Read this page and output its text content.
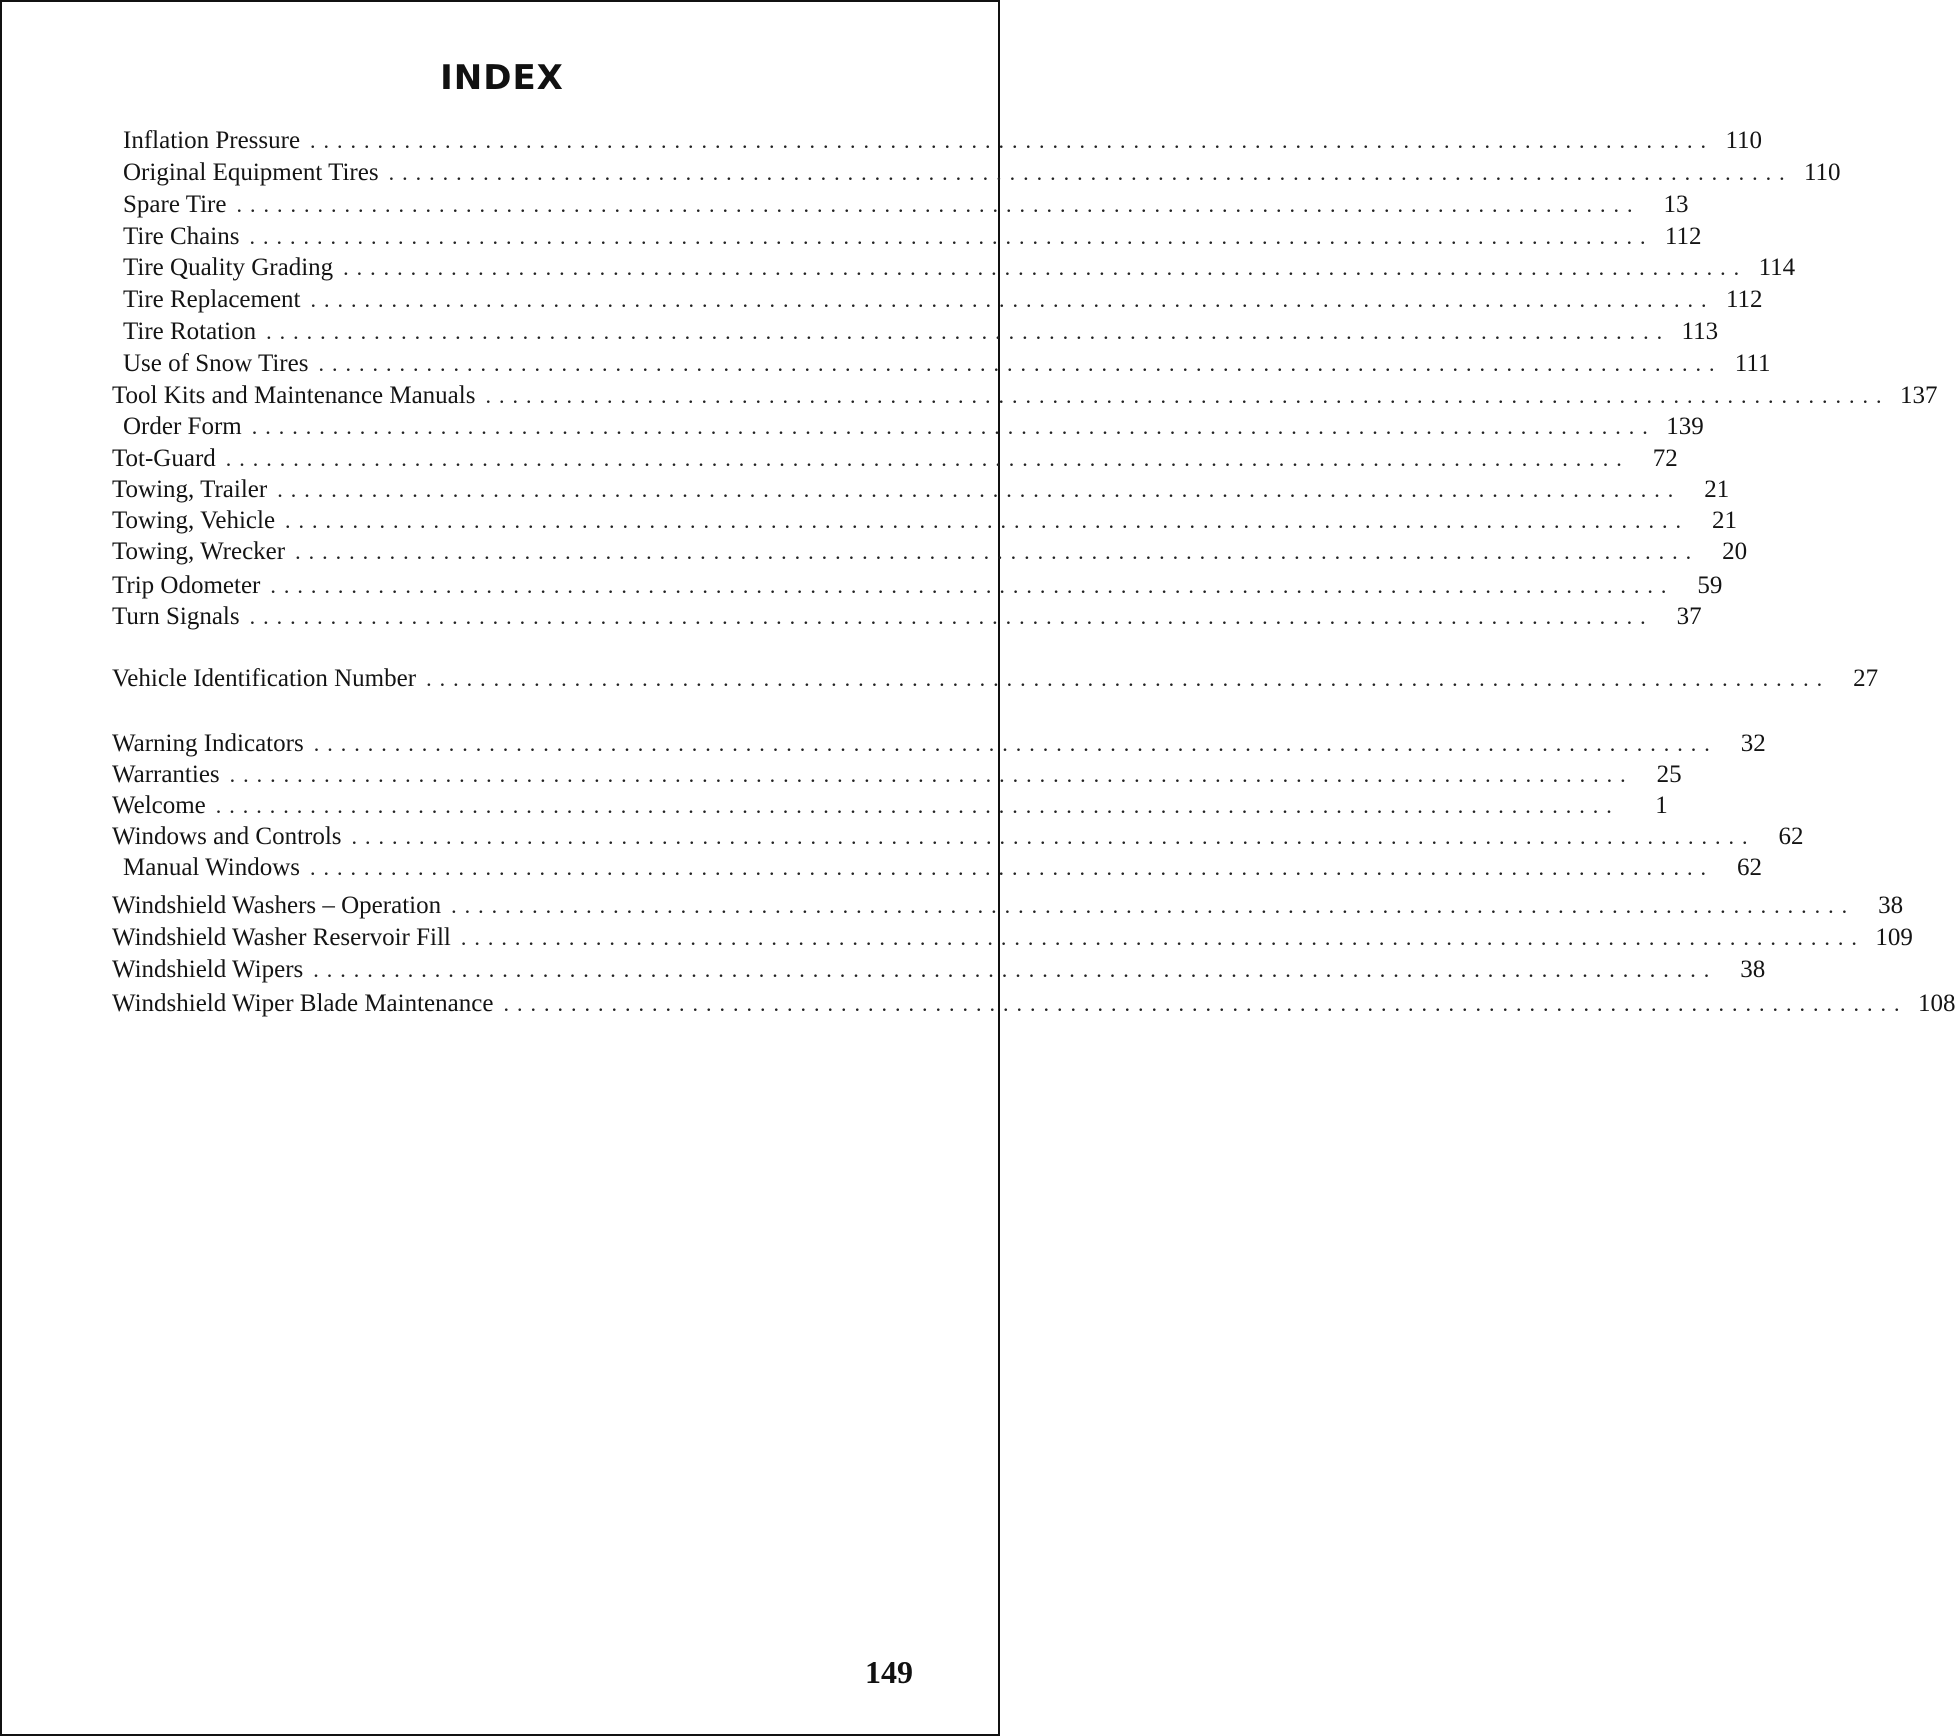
INDEX
Inflation Pressure ........................................................................................................ 110
Original Equipment Tires ........................................................................................................ 110
Spare Tire ........................................................................................................ 13
Tire Chains ........................................................................................................ 112
Tire Quality Grading ........................................................................................................ 114
Tire Replacement ........................................................................................................ 112
Tire Rotation ........................................................................................................ 113
Use of Snow Tires ........................................................................................................ 111
Tool Kits and Maintenance Manuals ........................................................................................................ 137
Order Form ........................................................................................................ 139
Tot-Guard ........................................................................................................ 72
Towing, Trailer ........................................................................................................ 21
Towing, Vehicle ........................................................................................................ 21
Towing, Wrecker ........................................................................................................ 20
Trip Odometer ........................................................................................................ 59
Turn Signals ........................................................................................................ 37
Vehicle Identification Number ........................................................................................................ 27
Warning Indicators ........................................................................................................ 32
Warranties ........................................................................................................ 25
Welcome ........................................................................................................	1
Windows and Controls ........................................................................................................ 62
Manual Windows ........................................................................................................ 62
Windshield Washers – Operation ........................................................................................................ 38
Windshield Washer Reservoir Fill ........................................................................................................ 109
Windshield Wipers ........................................................................................................ 38
Windshield Wiper Blade Maintenance ........................................................................................................ 108
149
